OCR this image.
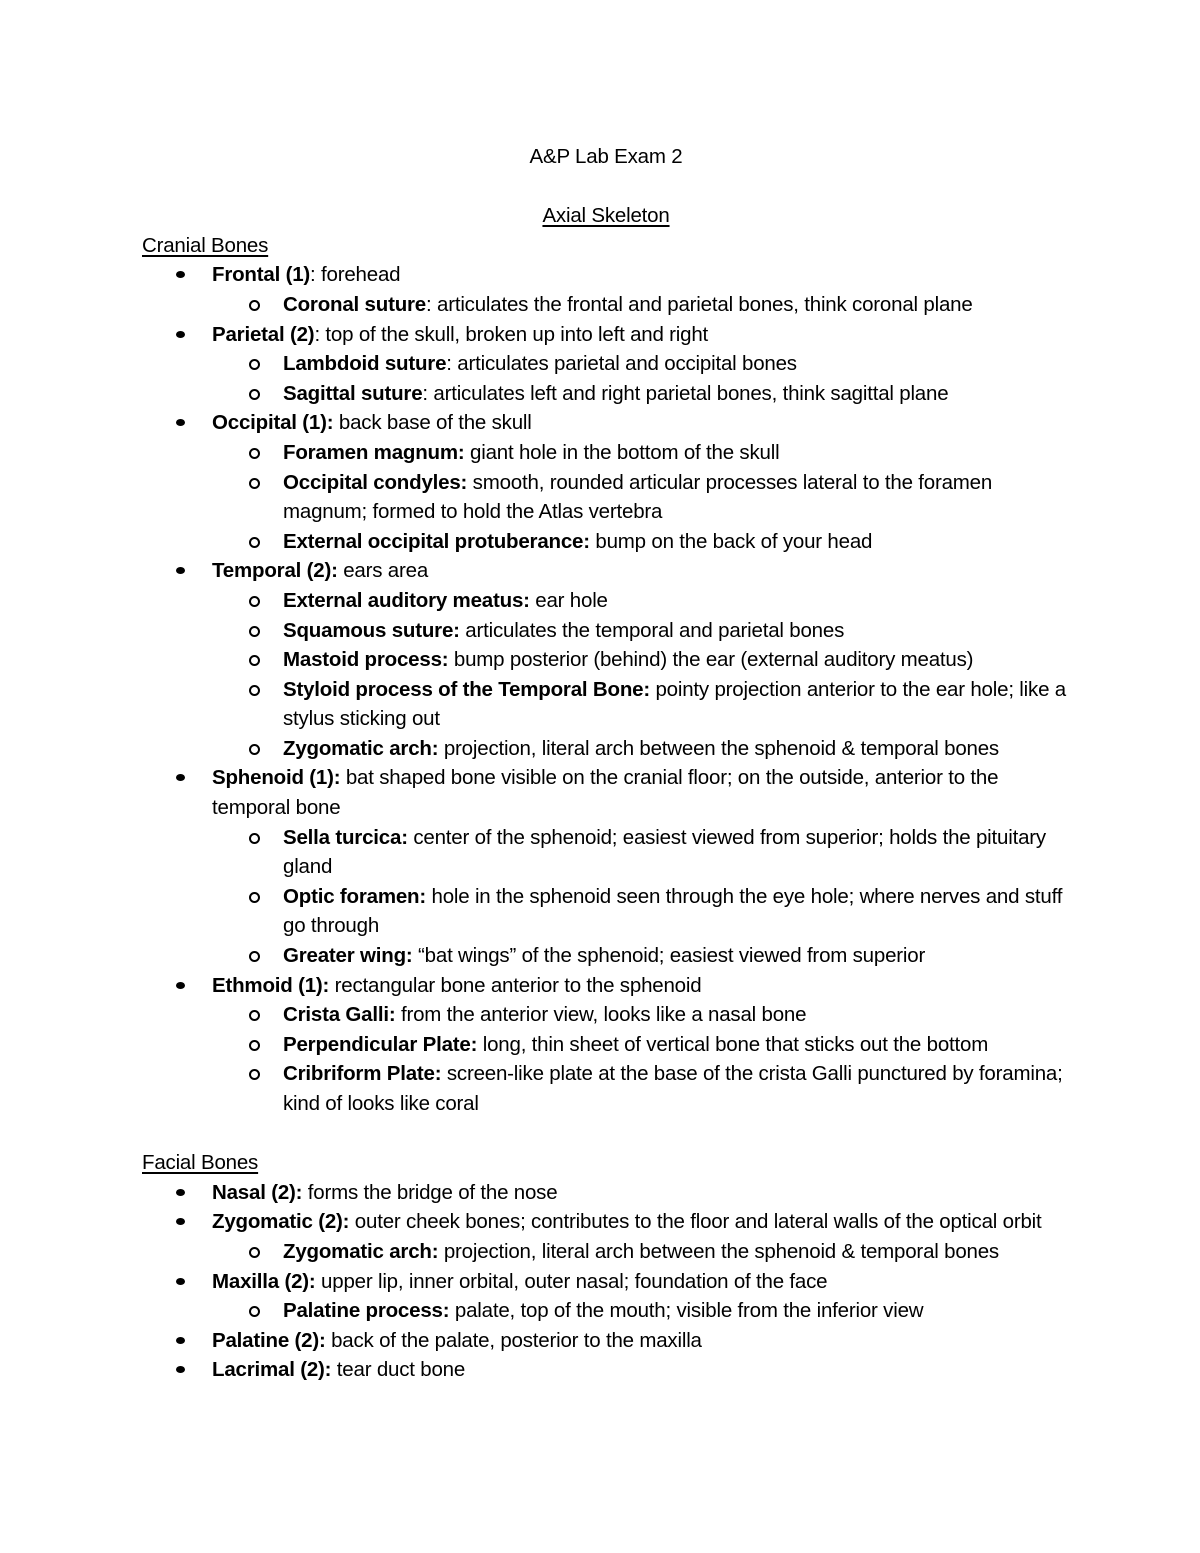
A&P Lab Exam 2
Axial Skeleton
Cranial Bones
Frontal (1): forehead
Coronal suture: articulates the frontal and parietal bones, think coronal plane
Parietal (2): top of the skull, broken up into left and right
Lambdoid suture: articulates parietal and occipital bones
Sagittal suture: articulates left and right parietal bones, think sagittal plane
Occipital (1): back base of the skull
Foramen magnum: giant hole in the bottom of the skull
Occipital condyles: smooth, rounded articular processes lateral to the foramen magnum; formed to hold the Atlas vertebra
External occipital protuberance: bump on the back of your head
Temporal (2): ears area
External auditory meatus: ear hole
Squamous suture: articulates the temporal and parietal bones
Mastoid process: bump posterior (behind) the ear (external auditory meatus)
Styloid process of the Temporal Bone: pointy projection anterior to the ear hole; like a stylus sticking out
Zygomatic arch: projection, literal arch between the sphenoid & temporal bones
Sphenoid (1): bat shaped bone visible on the cranial floor; on the outside, anterior to the temporal bone
Sella turcica: center of the sphenoid; easiest viewed from superior; holds the pituitary gland
Optic foramen: hole in the sphenoid seen through the eye hole; where nerves and stuff go through
Greater wing: “bat wings” of the sphenoid; easiest viewed from superior
Ethmoid (1): rectangular bone anterior to the sphenoid
Crista Galli: from the anterior view, looks like a nasal bone
Perpendicular Plate: long, thin sheet of vertical bone that sticks out the bottom
Cribriform Plate: screen-like plate at the base of the crista Galli punctured by foramina; kind of looks like coral
Facial Bones
Nasal (2): forms the bridge of the nose
Zygomatic (2): outer cheek bones; contributes to the floor and lateral walls of the optical orbit
Zygomatic arch: projection, literal arch between the sphenoid & temporal bones
Maxilla (2): upper lip, inner orbital, outer nasal; foundation of the face
Palatine process: palate, top of the mouth; visible from the inferior view
Palatine (2): back of the palate, posterior to the maxilla
Lacrimal (2): tear duct bone
